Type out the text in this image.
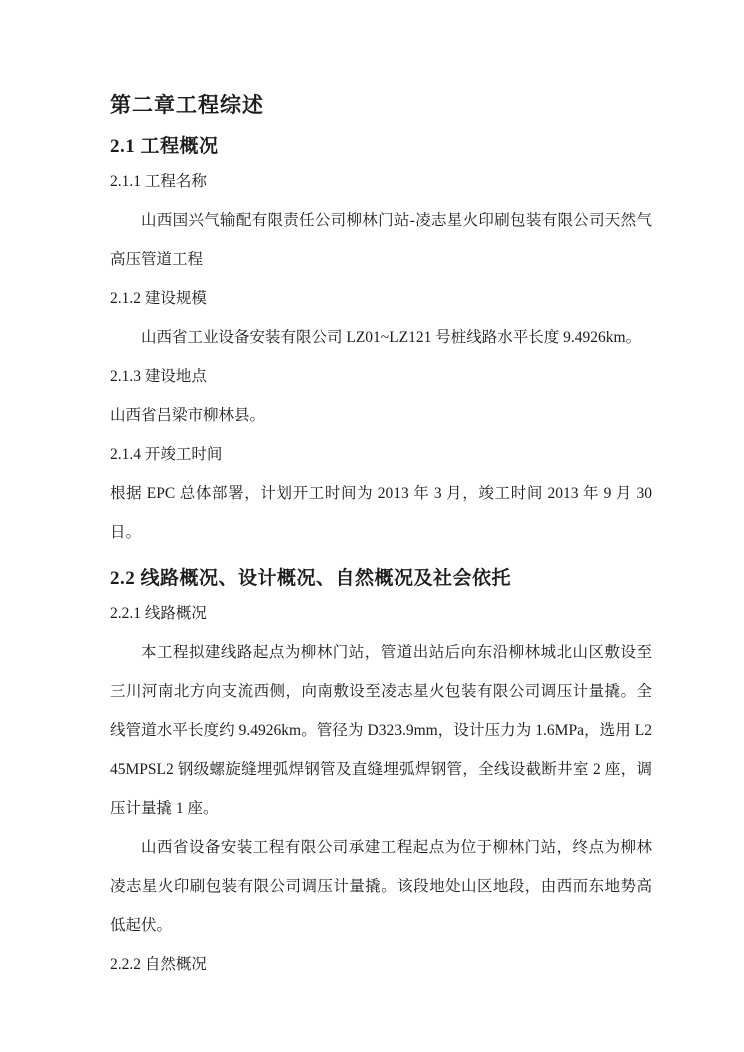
第二章工程综述
2.1 工程概况
2.1.1 工程名称

山西国兴气输配有限责任公司柳林门站-凌志星火印刷包装有限公司天然气高压管道工程

2.1.2 建设规模

山西省工业设备安装有限公司 LZ01~LZ121 号桩线路水平长度 9.4926km。

2.1.3 建设地点

山西省吕梁市柳林县。

2.1.4 开竣工时间

根据 EPC 总体部署，计划开工时间为 2013 年 3 月，竣工时间 2013 年 9 月 30 日。

2.2 线路概况、设计概况、自然概况及社会依托
2.2.1 线路概况

本工程拟建线路起点为柳林门站，管道出站后向东沿柳林城北山区敷设至三川河南北方向支流西侧，向南敷设至凌志星火包装有限公司调压计量撬。全线管道水平长度约 9.4926km。管径为 D323.9mm，设计压力为 1.6MPa，选用 L245MPSL2 钢级螺旋缝埋弧焊钢管及直缝埋弧焊钢管，全线设截断井室 2 座，调压计量撬 1 座。

山西省设备安装工程有限公司承建工程起点为位于柳林门站，终点为柳林凌志星火印刷包装有限公司调压计量撬。该段地处山区地段，由西而东地势高低起伏。

2.2.2 自然概况
